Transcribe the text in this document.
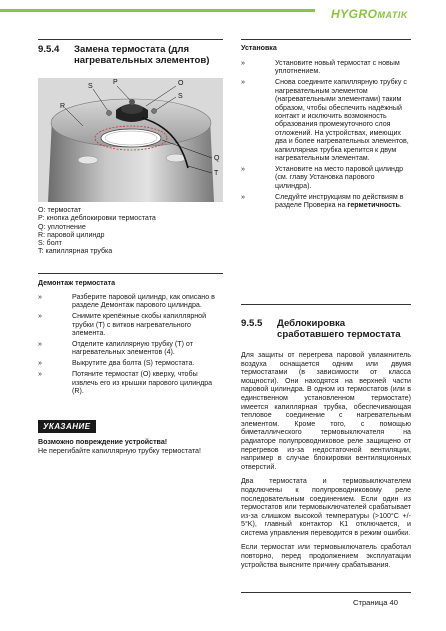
HYGROMATIK
9.5.4	Замена термостата (для нагревательных элементов)
S
P	O
S
R
Q
T
O: термостат
P: кнопка деблокировки термостата
Q: уплотнение
R: паровой цилиндр
S: болт
T: капиллярная трубка

Демонтаж термостата

»	Разберите паровой цилиндр, как описано в разделе Демонтаж парового цилиндра.
»	Снимите крепёжные скобы капиллярной трубки (T) с витков нагревательного элемента.
»	Отделите капиллярную трубку (T) от нагревательных элементов (4).
»	Выкрутите два болта (S) термостата.
»	Потяните термостат (O) кверху, чтобы извлечь его из крышки парового цилиндра (R).
УКАЗАНИЕ
Возможно повреждение устройства!
Не перегибайте капиллярную трубку термостата!

Установка

»	Установите новый термостат с новым уплотнением.
»	Снова соедините капиллярную трубку с нагревательным элементом (нагревательными элементами) таким образом, чтобы обеспечить надёжный контакт и исключить возможность образования промежуточного слоя отложений. На устройствах, имеющих два и более нагревательных элементов, капиллярная трубка крепится к двум нагревательным элементам.
»	Установите на место паровой цилиндр (см. главу Установка парового цилиндра).
»	Следуйте инструкциям по действиям в разделе Проверка на герметичность.
9.5.5	Деблокировка сработавшего термостата

Для защиты от перегрева паровой увлажнитель воздуха оснащается одним или двумя термостатами (в зависимости от класса мощности). Они находятся на верхней части паровой цилиндра. В одном из термостатов (или в единственном установленном термостате) имеется капиллярная трубка, обеспечивающая тепловое соединение с нагревательным элементом. Кроме того, с помощью биметаллического термовыключателя на радиаторе полупроводниковое реле защищено от перегревов из-за недостаточной вентиляции, например в случае блокировки вентиляционных отверстий.

Два термостата и термовыключателем подключены к полупроводниковому реле последовательным соединением. Если один из термостатов или термовыключателей срабатывает из-за слишком высокой температуры (>100°C +/- 5°K), главный контактор K1 отключается, и система управления переводится в режим ошибки.

Если термостат или термовыключатель сработал повторно, перед продолжением эксплуатации устройства выясните причину срабатывания.

Страница 40
